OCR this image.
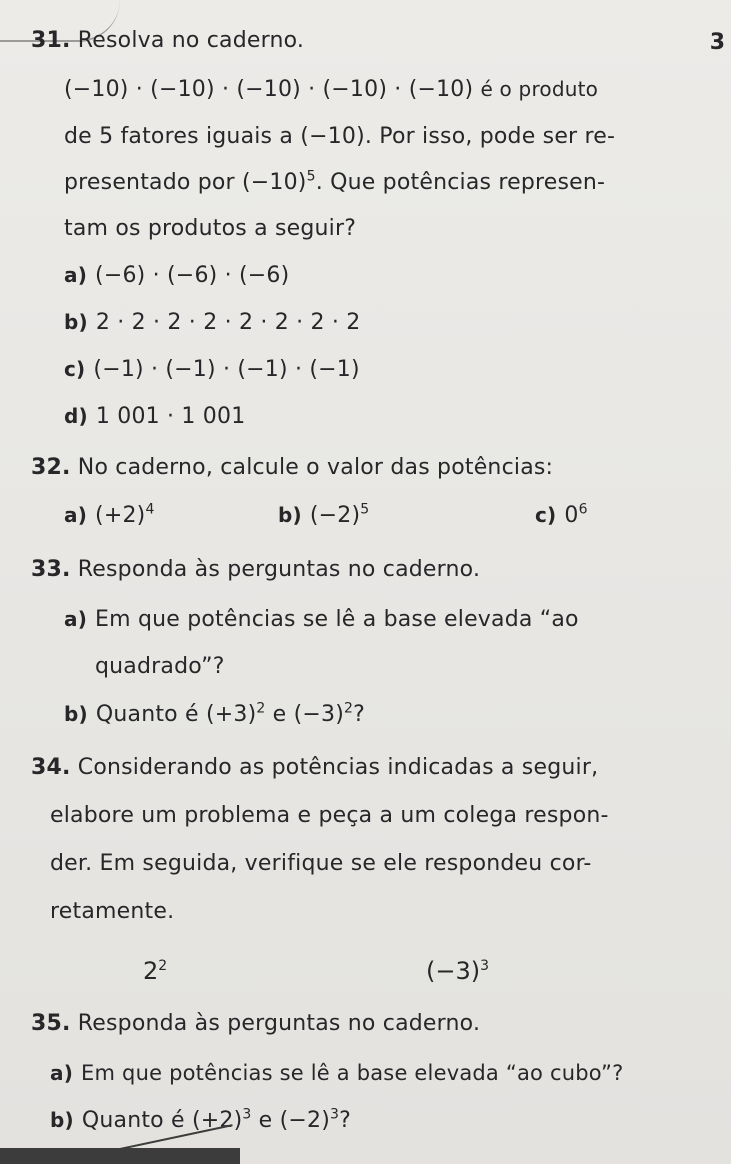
3
31. Resolva no caderno.
(−10) · (−10) · (−10) · (−10) · (−10) é o produto
de 5 fatores iguais a (−10). Por isso, pode ser re-
presentado por $(-10)^5$. Que potências represen-
tam os produtos a seguir?
a) (−6) · (−6) · (−6)
b) 2 · 2 · 2 · 2 · 2 · 2 · 2 · 2
c) (−1) · (−1) · (−1) · (−1)
d) 1 001 · 1 001
32. No caderno, calcule o valor das potências:
a) $(+2)^4$	b) $(-2)^5$	c) $0^6$
33. Responda às perguntas no caderno.
a) Em que potências se lê a base elevada “ao
quadrado”?
b) Quanto é $(+3)^2$ e $(-3)^2$?
34. Considerando as potências indicadas a seguir,
elabore um problema e peça a um colega respon-
der. Em seguida, verifique se ele respondeu cor-
retamente.
$2^2$	$(-3)^3$
35. Responda às perguntas no caderno.
a) Em que potências se lê a base elevada “ao cubo”?
b) Quanto é $(+2)^3$ e $(-2)^3$?
